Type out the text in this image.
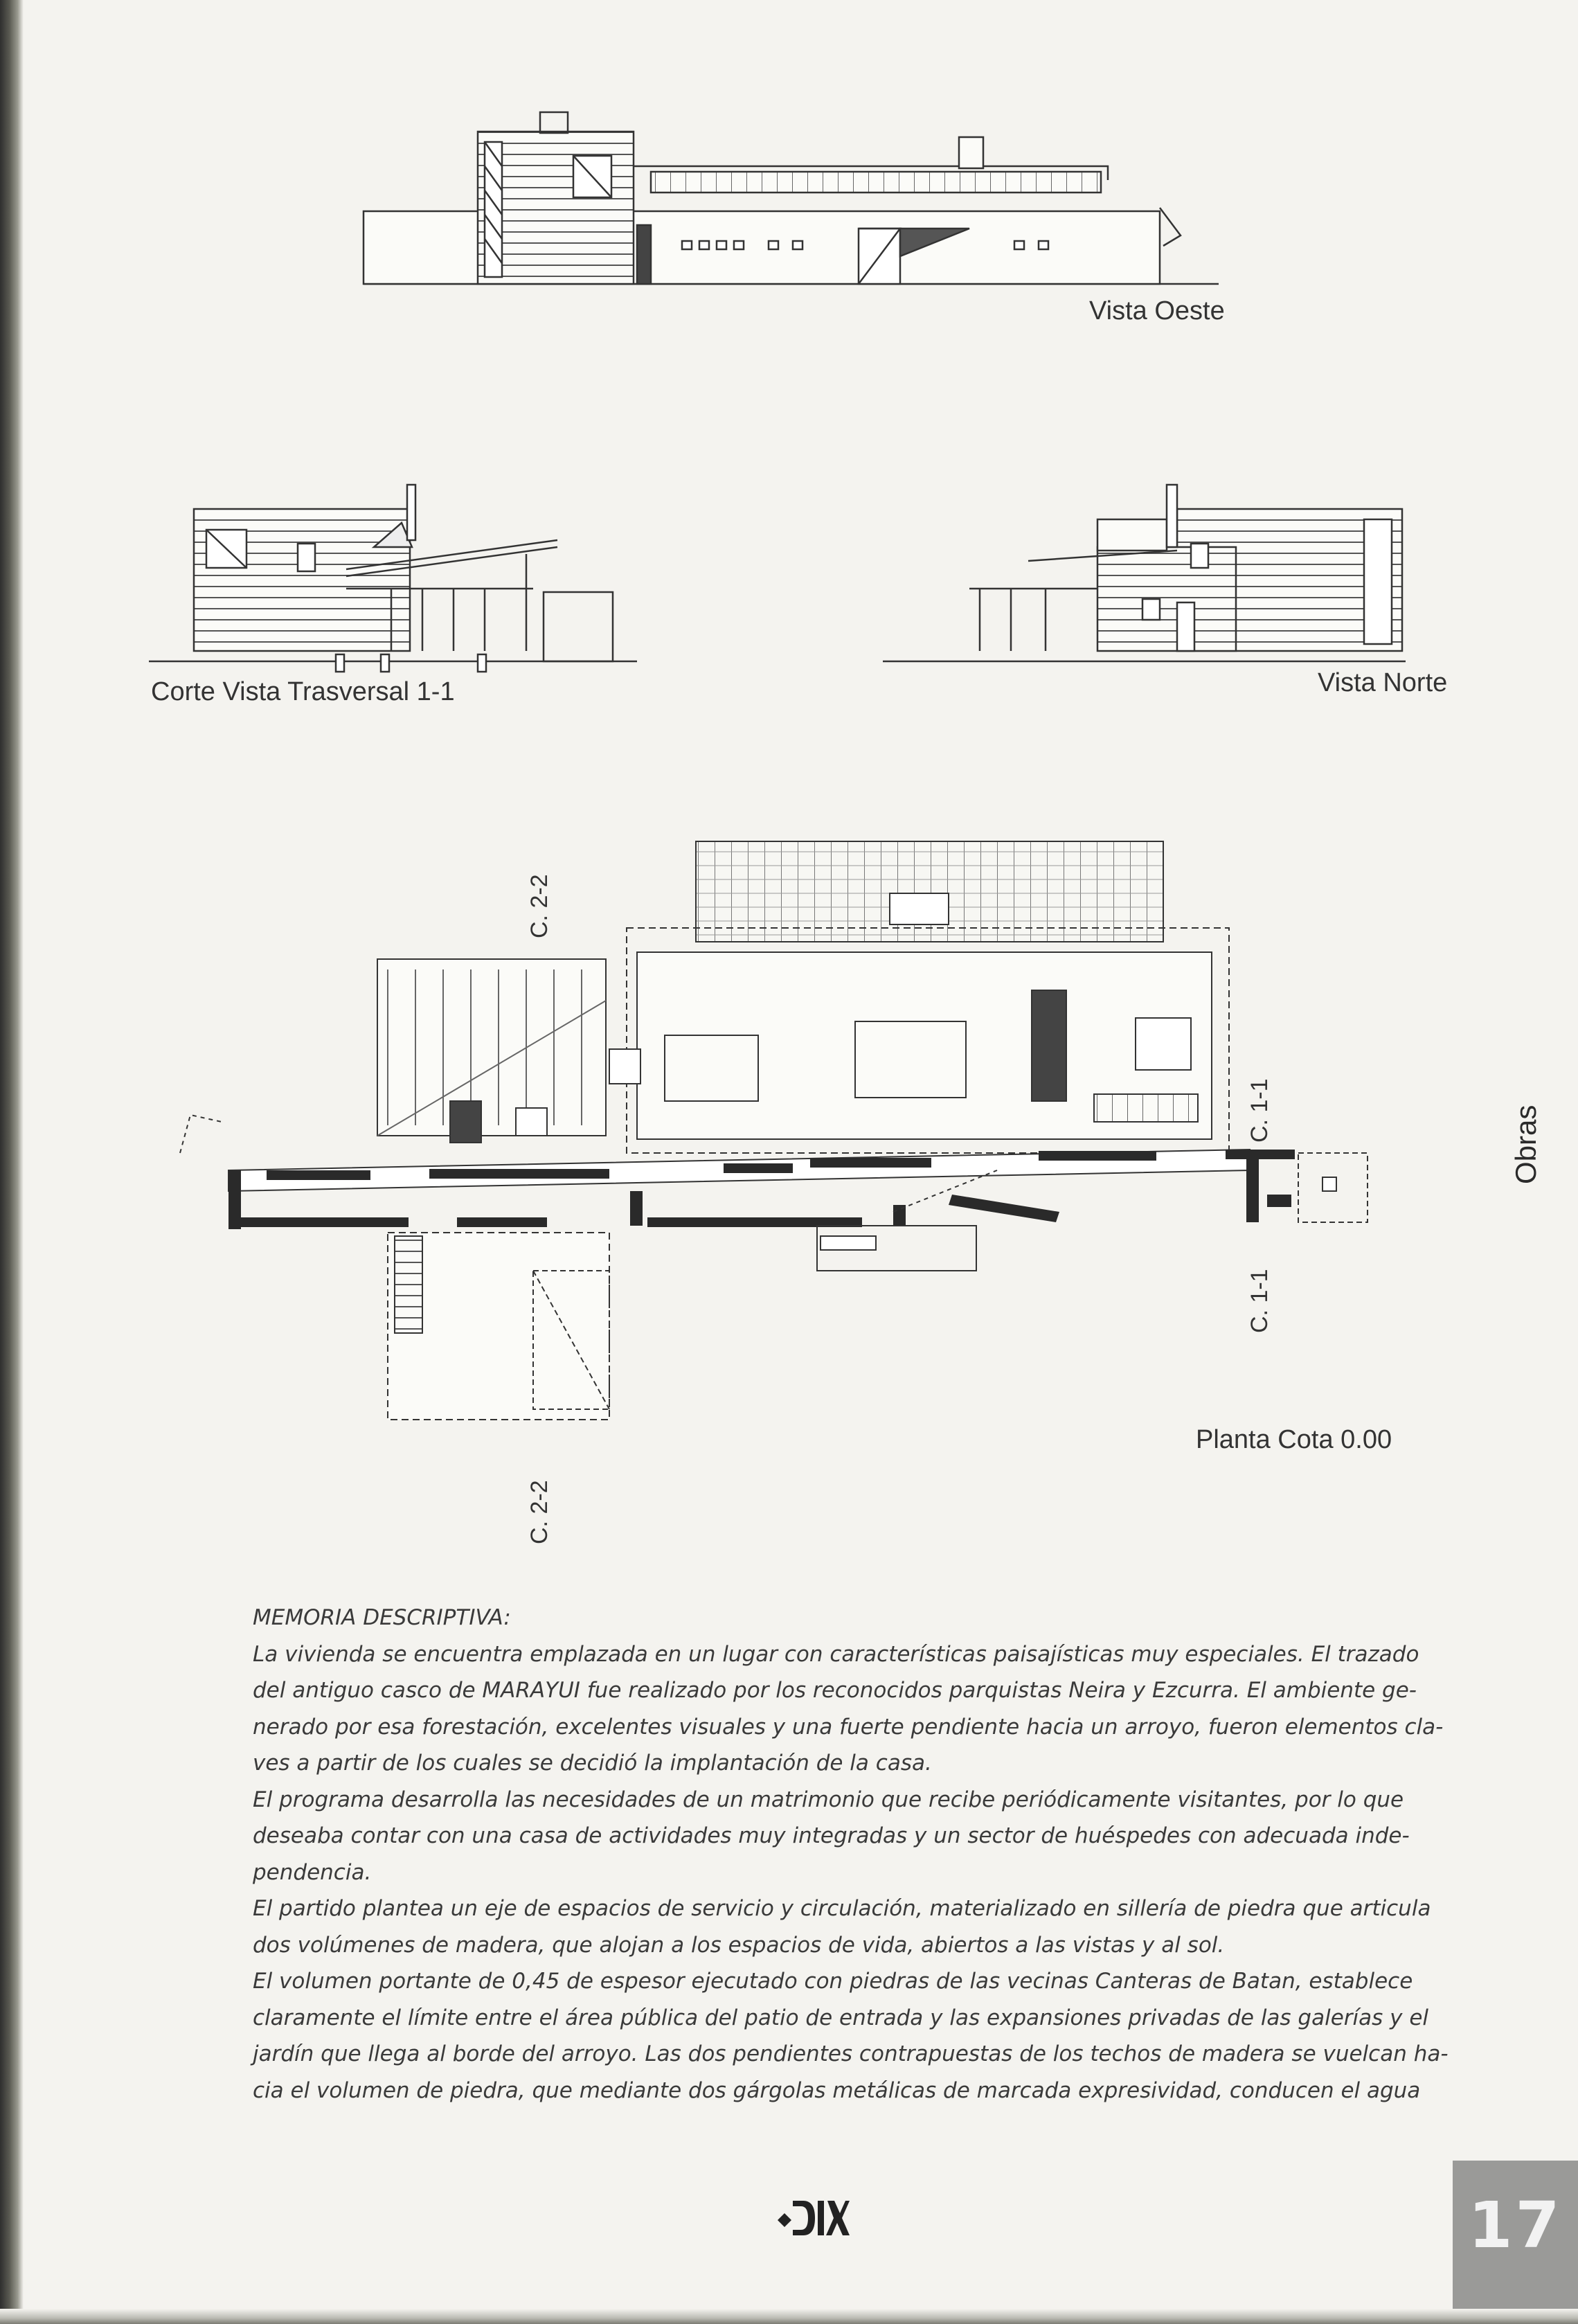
Vista Oeste
Corte Vista Trasversal 1-1	Vista Norte
Planta Cota 0.00
C. 2-2
C. 2-2
C. 1-1
C. 1-1
Obras
MEMORIA DESCRIPTIVA:
La vivienda se encuentra emplazada en un lugar con características paisajísticas muy especiales. El trazado
del antiguo casco de MARAYUI fue realizado por los reconocidos parquistas Neira y Ezcurra. El ambiente ge-
nerado por esa forestación, excelentes visuales y una fuerte pendiente hacia un arroyo, fueron elementos cla-
ves a partir de los cuales se decidió la implantación de la casa.
El programa desarrolla las necesidades de un matrimonio que recibe periódicamente visitantes, por lo que
deseaba contar con una casa de actividades muy integradas y un sector de huéspedes con adecuada inde-
pendencia.
El partido plantea un eje de espacios de servicio y circulación, materializado en sillería de piedra que articula
dos volúmenes de madera, que alojan a los espacios de vida, abiertos a las vistas y al sol.
El volumen portante de 0,45 de espesor ejecutado con piedras de las vecinas Canteras de Batan, establece
claramente el límite entre el área pública del patio de entrada y las expansiones privadas de las galerías y el
jardín que llega al borde del arroyo. Las dos pendientes contrapuestas de los techos de madera se vuelcan ha-
cia el volumen de piedra, que mediante dos gárgolas metálicas de marcada expresividad, conducen el agua
17
